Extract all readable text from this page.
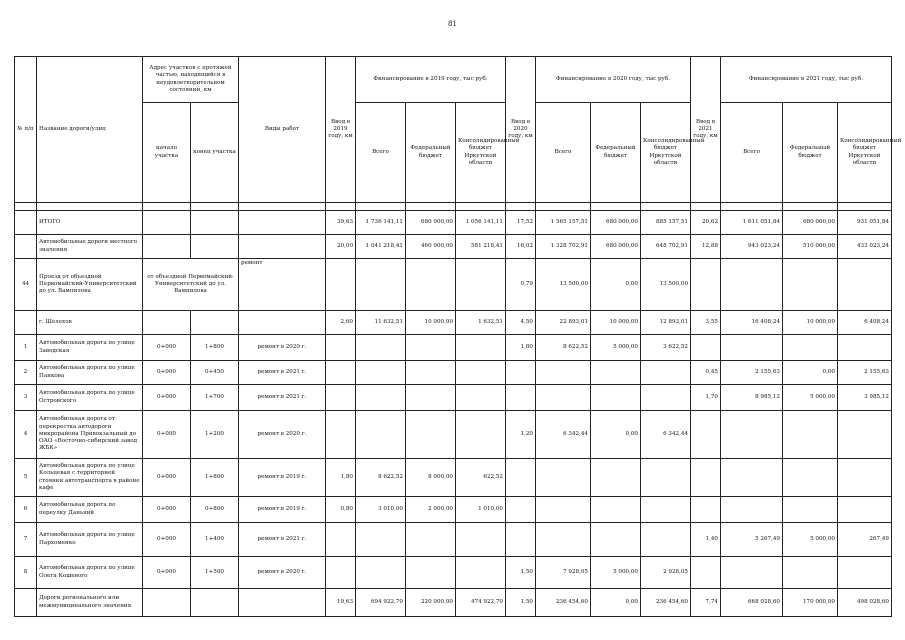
81
№ п/п	Название дороги/улиц	Адрес участков с протяжей частью, находящийся в неудовлетворительном состоянии, км		Виды работ	Ввод в 2019 году, км	Финансирование в 2019 году, тыс руб.			Ввод в 2020 году, км	Финансирование в 2020 году, тыс руб.			Ввод в 2021 году, км	Финансирование в 2021 году, тыс руб.		
		начало участка	конец участка			Всего	Федеральный бюджет	Консолидированный бюджет Иркутской области		Всего	Федеральный бюджет	Консолидированный бюджет Иркутской области		Всего	Федеральный бюджет	Консолидированный бюджет Иркутской области

	ИТОГО				39,63	1 736 141,11	680 000,00	1 056 141,11	17,52	1 565 157,51	680 000,00	885 157,51	20,62	1 611 051,84	680 000,00	931 051,84
	Автомобильные дороги местного значения				20,00	1 041 218,41	460 000,00	581 218,41	16,02	1 328 702,91	680 000,00	648 702,91	12,88	943 023,24	510 000,00	433 023,24
44	Проезд от объездной Первомайский-Университетский до ул. Вампилова	от объездной Первомайский-Университетский до ул. Вампилова		ремонт					0,79	13 500,00	0,00	13 500,00				
	г. Шелехов				2,60	11 632,51	10 000,00	1 632,51	4,50	22 893,01	10 000,00	12 893,01	3,55	16 408,24	10 000,00	6 408,24
1	Автомобильная дорога по улице Заводская	0+000	1+800	ремонт в 2020 г.					1,80	8 622,52	5 000,00	3 622,52				
2	Автомобильная дорога по улице Панкова	0+000	0+450	ремонт в 2021 г.									0,45	2 155,63	0,00	2 155,63
3	Автомобильная дорога по улице Островского	0+000	1+700	ремонт в 2021 г.									1,70	8 985,12	5 000,00	3 985,12
4	Автомобильная дорога от перекрестка автодороги микрорайона Привокзальный до ОАО «Восточно-сибирский завод ЖБК»	0+000	1+200	ремонт в 2020 г.					1,20	6 342,44	0,00	6 342,44				
5	Автомобильная дорога по улице Кольцевая с территорией стоянки автотранспорта в районе кафе	0+000	1+800	ремонт в 2019 г.	1,80	8 622,52	8 000,00	622,52								
6	Автомобильная дорога по переулку Даньяий	0+000	0+800	ремонт в 2019 г.	0,80	3 010,00	2 000,00	1 010,00								
7	Автомобильная дорога по улице Пархоменко	0+000	1+400	ремонт в 2021 г.									1,40	5 267,49	5 000,00	267,49
8	Автомобильная дорога по улице Олега Кошевого	0+000	1+500	ремонт в 2020 г.					1,50	7 928,05	5 000,00	2 928,05				
	Дороги регионального или межмуниципального значения				19,63	694 922,70	220 000,00	474 922,70	1,50	236 454,60	0,00	236 454,60	7,74	668 028,60	170 000,00	498 028,60
